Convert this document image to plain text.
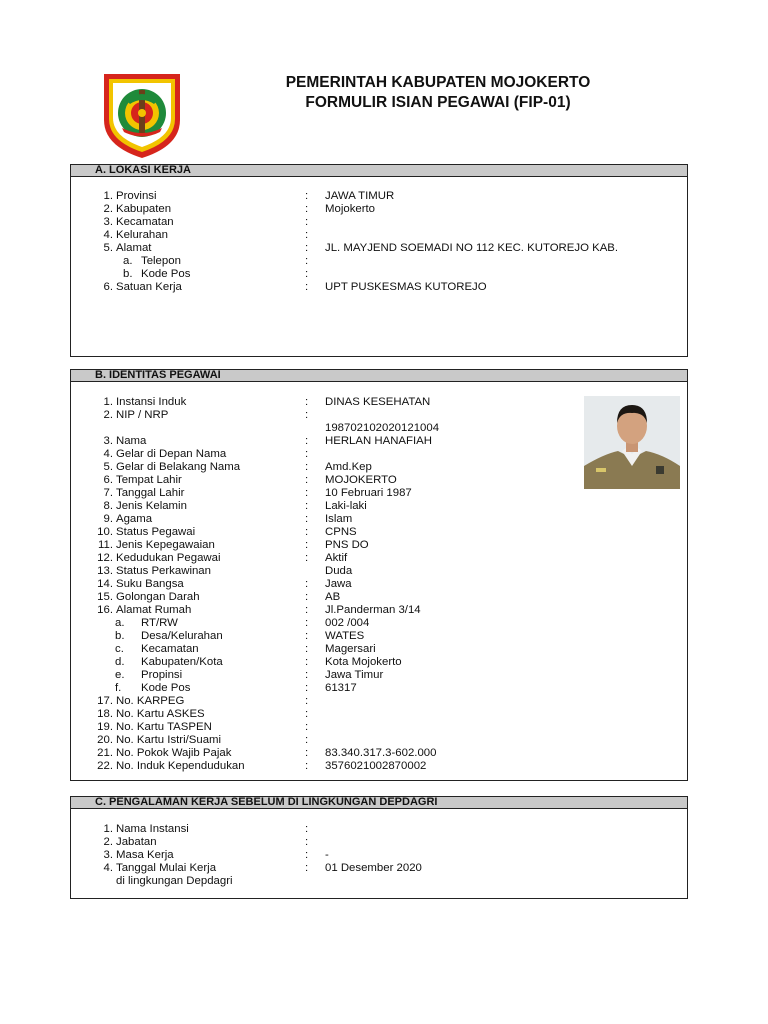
PEMERINTAH KABUPATEN MOJOKERTO
FORMULIR ISIAN PEGAWAI (FIP-01)
A. LOKASI KERJA
1. Provinsi	: JAWA TIMUR
2. Kabupaten	: Mojokerto
3. Kecamatan	:
4. Kelurahan	:
5. Alamat	: JL. MAYJEND SOEMADI NO 112 KEC. KUTOREJO KAB.
a. Telepon	:
b. Kode Pos	:
6. Satuan Kerja	: UPT PUSKESMAS KUTOREJO
B. IDENTITAS PEGAWAI
1. Instansi Induk	: DINAS KESEHATAN
2. NIP / NRP	:
198702102020121004
3. Nama	: HERLAN HANAFIAH
4. Gelar di Depan Nama	:
5. Gelar di Belakang Nama	: Amd.Kep
6. Tempat Lahir	: MOJOKERTO
7. Tanggal Lahir	: 10 Februari 1987
8. Jenis Kelamin	: Laki-laki
9. Agama	: Islam
10. Status Pegawai	: CPNS
11. Jenis Kepegawaian	: PNS DO
12. Kedudukan Pegawai	: Aktif
13. Status Perkawinan	Duda
14. Suku Bangsa	: Jawa
15. Golongan Darah	: AB
16. Alamat Rumah	: Jl.Panderman 3/14
a.	RT/RW	: 002 /004
b.	Desa/Kelurahan	: WATES
c.	Kecamatan	: Magersari
d.	Kabupaten/Kota	: Kota Mojokerto
e.	Propinsi	: Jawa Timur
f.	Kode Pos	: 61317
17. No. KARPEG	:
18. No. Kartu ASKES	:
19. No. Kartu TASPEN	:
20. No. Kartu Istri/Suami	:
21. No. Pokok Wajib Pajak	: 83.340.317.3-602.000
22. No. Induk Kependudukan	: 3576021002870002
C. PENGALAMAN KERJA SEBELUM DI LINGKUNGAN DEPDAGRI
1. Nama Instansi	:
2. Jabatan	:
3. Masa Kerja	: -
4. Tanggal Mulai Kerja	: 01 Desember 2020
di lingkungan Depdagri
